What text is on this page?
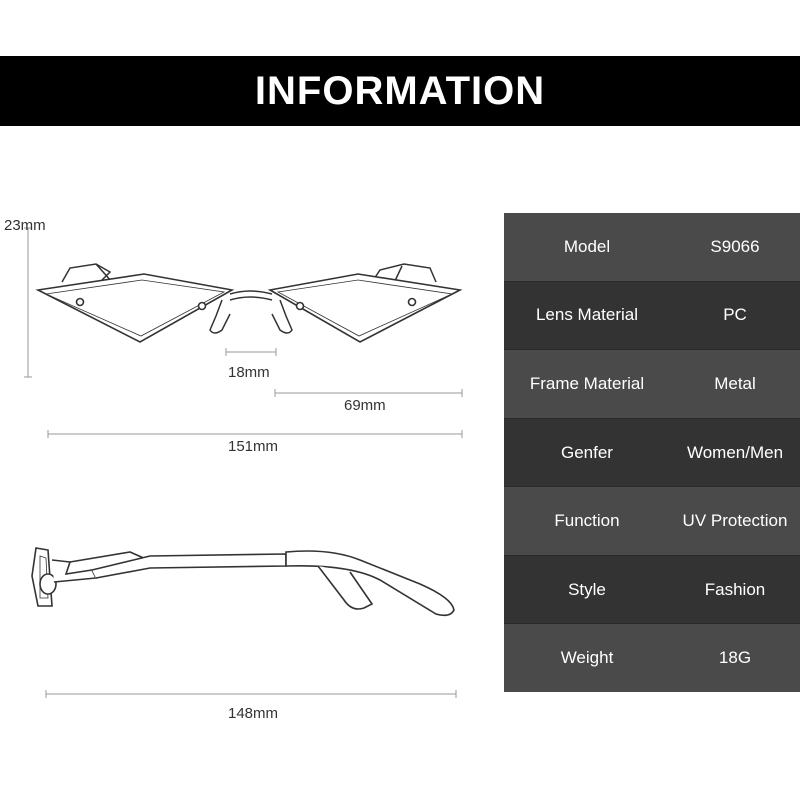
INFORMATION
23mm
18mm
69mm
151mm
148mm
Model	S9066
Lens Material	PC
Frame Material	Metal
Genfer	Women/Men
Function	UV Protection
Style	Fashion
Weight	18G
